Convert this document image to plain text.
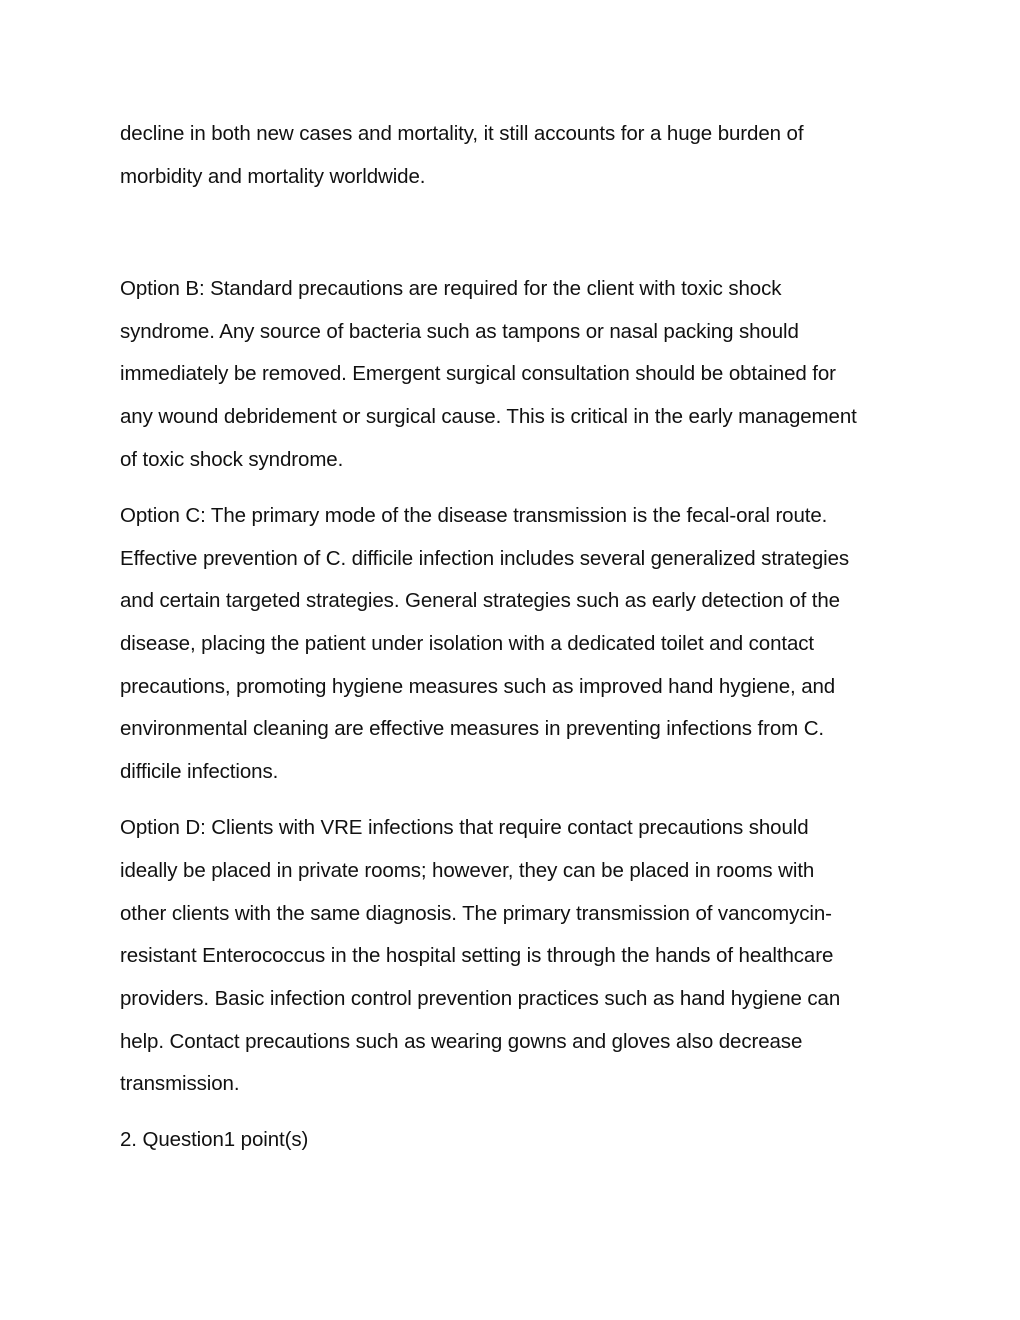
decline in both new cases and mortality, it still accounts for a huge burden of

morbidity and mortality worldwide.

Option B: Standard precautions are required for the client with toxic shock

syndrome. Any source of bacteria such as tampons or nasal packing should

immediately be removed. Emergent surgical consultation should be obtained for

any wound debridement or surgical cause. This is critical in the early management

of toxic shock syndrome.

Option C: The primary mode of the disease transmission is the fecal-oral route.

Effective prevention of C. difficile infection includes several generalized strategies

and certain targeted strategies. General strategies such as early detection of the

disease, placing the patient under isolation with a dedicated toilet and contact

precautions, promoting hygiene measures such as improved hand hygiene, and

environmental cleaning are effective measures in preventing infections from C.

difficile infections.

Option D: Clients with VRE infections that require contact precautions should

ideally be placed in private rooms; however, they can be placed in rooms with

other clients with the same diagnosis. The primary transmission of vancomycin-

resistant Enterococcus in the hospital setting is through the hands of healthcare

providers. Basic infection control prevention practices such as hand hygiene can

help. Contact precautions such as wearing gowns and gloves also decrease

transmission.

2. Question1 point(s)
